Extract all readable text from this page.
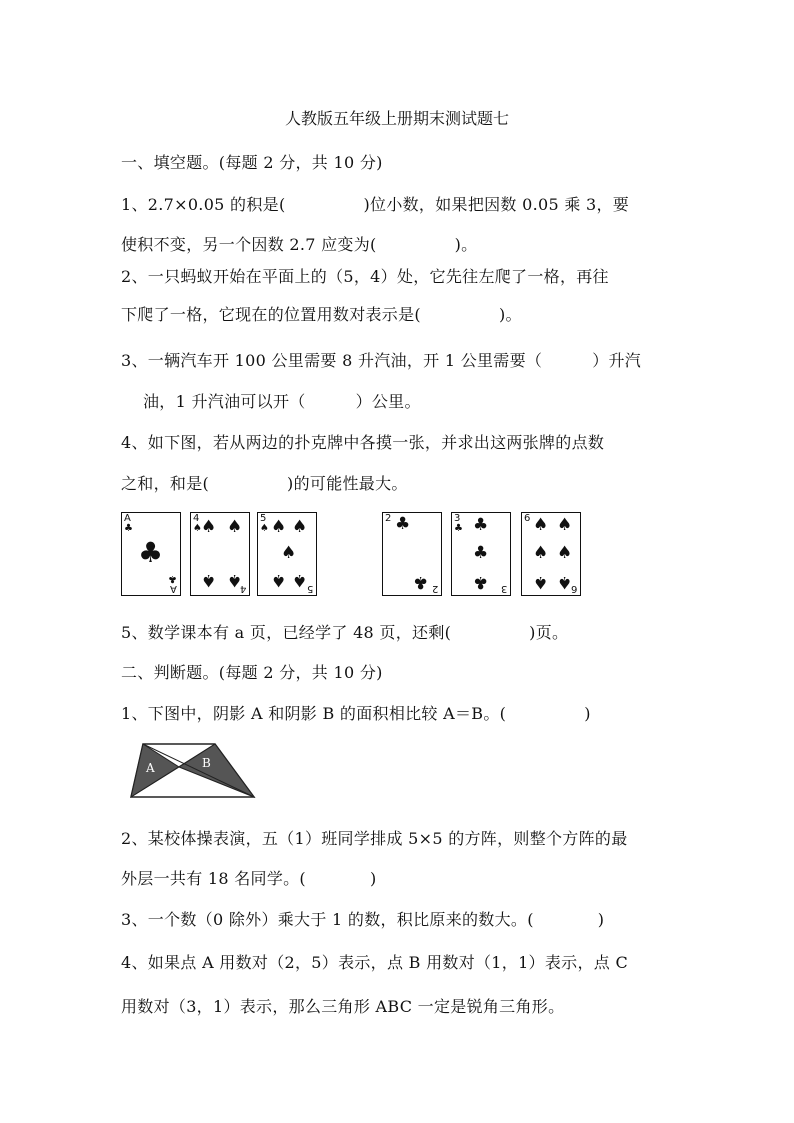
人教版五年级上册期末测试题七
一、填空题。(每题 2 分，共 10 分)
1、2.7×0.05 的积是(	)位小数，如果把因数 0.05 乘 3，要
使积不变，另一个因数 2.7 应变为(	)。
2、一只蚂蚁开始在平面上的（5，4）处，它先往左爬了一格，再往
下爬了一格，它现在的位置用数对表示是(	)。
3、一辆汽车开 100 公里需要 8 升汽油，开 1 公里需要（	）升汽
油，1 升汽油可以开（	）公里。
4、如下图，若从两边的扑克牌中各摸一张，并求出这两张牌的点数
之和，和是(	)的可能性最大。
A
♣
♣
A
♣
4
♠ ♠ ♠
♠ ♠
4
5
♠ ♠ ♠
♠
♠ ♠ 5
2 ♣
♣ 2
3
♣ ♣
♣
♣ 3
6 ♠ ♠
♠ ♠
♠ ♠
6
5、数学课本有 a 页，已经学了 48 页，还剩(	)页。
二、判断题。(每题 2 分，共 10 分)
1、下图中，阴影 A 和阴影 B 的面积相比较 A＝B。(	)
A	B
2、某校体操表演，五（1）班同学排成 5×5 的方阵，则整个方阵的最
外层一共有 18 名同学。(	)
3、一个数（0 除外）乘大于 1 的数，积比原来的数大。(	)
4、如果点 A 用数对（2，5）表示，点 B 用数对（1，1）表示，点 C
用数对（3，1）表示，那么三角形 ABC 一定是锐角三角形。
